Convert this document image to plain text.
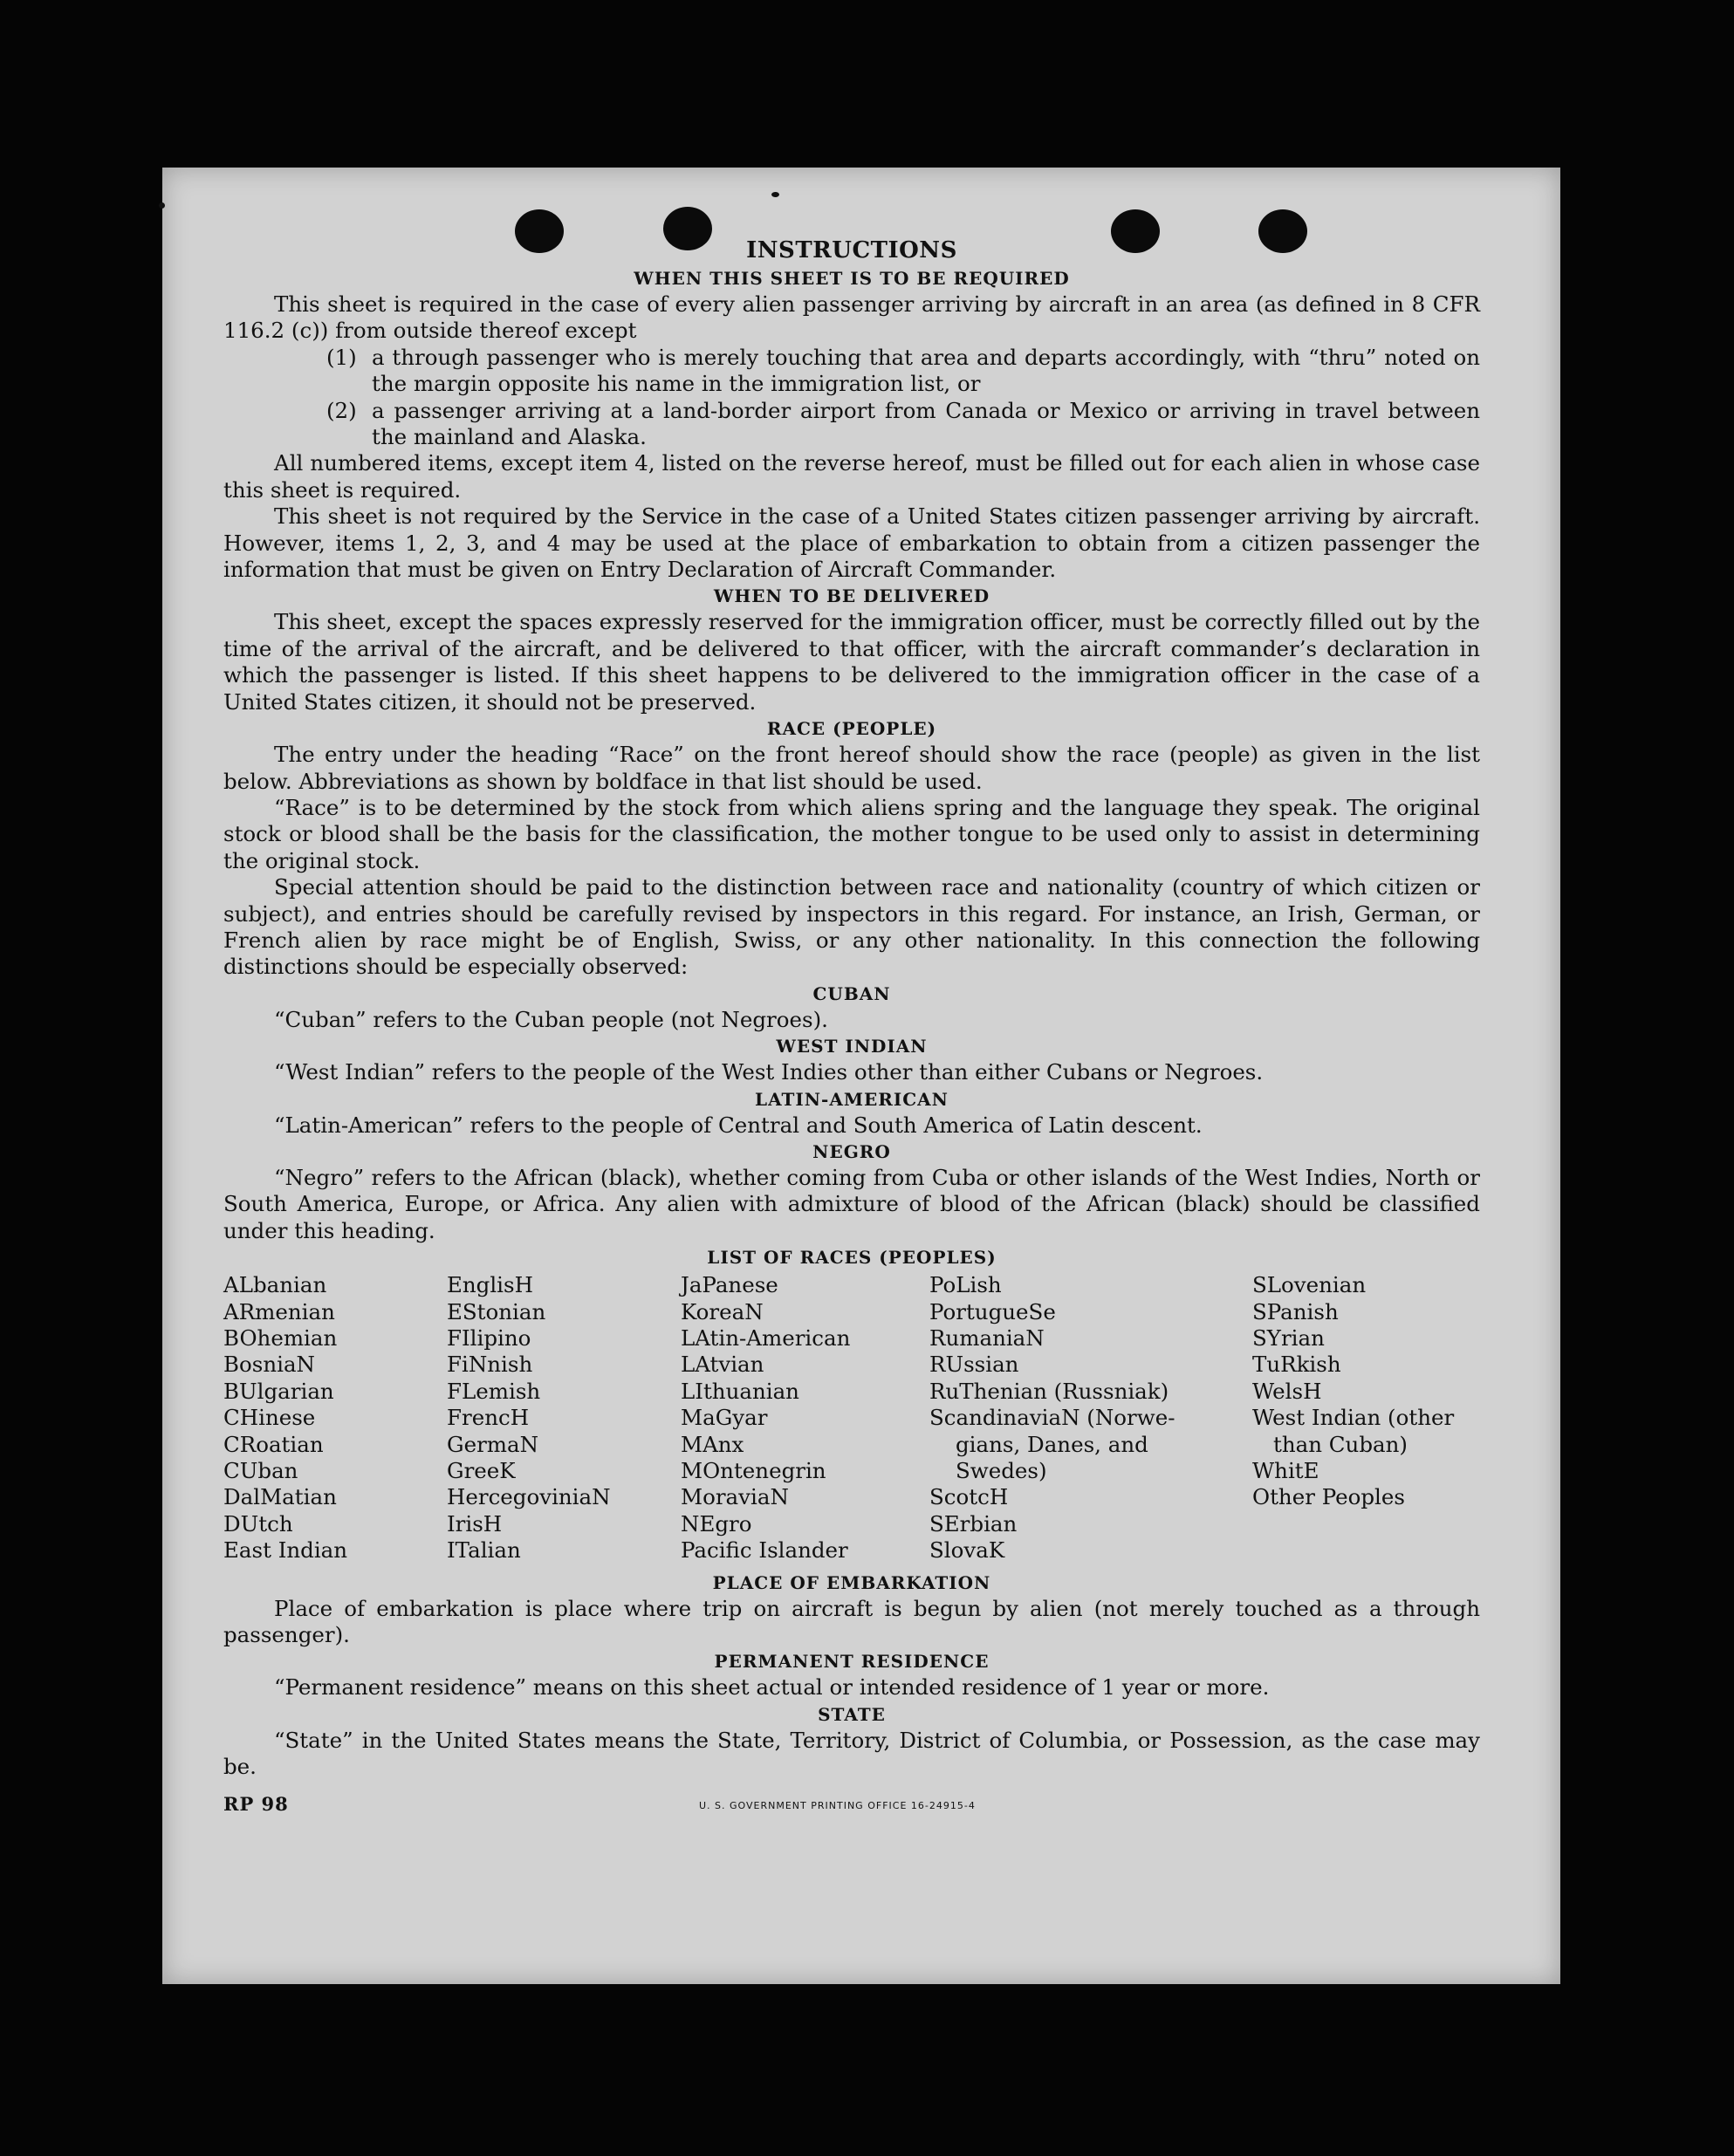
INSTRUCTIONS
WHEN THIS SHEET IS TO BE REQUIRED

This sheet is required in the case of every alien passenger arriving by aircraft in an area (as defined in 8 CFR 116.2 (c)) from outside thereof except

(1) a through passenger who is merely touching that area and departs accordingly, with “thru” noted on the margin opposite his name in the immigration list, or
(2) a passenger arriving at a land-border airport from Canada or Mexico or arriving in travel between the mainland and Alaska.

All numbered items, except item 4, listed on the reverse hereof, must be filled out for each alien in whose case this sheet is required.

This sheet is not required by the Service in the case of a United States citizen passenger arriving by aircraft. However, items 1, 2, 3, and 4 may be used at the place of embarkation to obtain from a citizen passenger the information that must be given on Entry Declaration of Aircraft Commander.

WHEN TO BE DELIVERED

This sheet, except the spaces expressly reserved for the immigration officer, must be correctly filled out by the time of the arrival of the aircraft, and be delivered to that officer, with the aircraft commander’s declaration in which the passenger is listed. If this sheet happens to be delivered to the immigration officer in the case of a United States citizen, it should not be preserved.

RACE (PEOPLE)

The entry under the heading “Race” on the front hereof should show the race (people) as given in the list below. Abbreviations as shown by boldface in that list should be used.

“Race” is to be determined by the stock from which aliens spring and the language they speak. The original stock or blood shall be the basis for the classification, the mother tongue to be used only to assist in determining the original stock.

Special attention should be paid to the distinction between race and nationality (country of which citizen or subject), and entries should be carefully revised by inspectors in this regard. For instance, an Irish, German, or French alien by race might be of English, Swiss, or any other nationality. In this connection the following distinctions should be especially observed:

CUBAN

“Cuban” refers to the Cuban people (not Negroes).

WEST INDIAN

“West Indian” refers to the people of the West Indies other than either Cubans or Negroes.

LATIN-AMERICAN

“Latin-American” refers to the people of Central and South America of Latin descent.

NEGRO

“Negro” refers to the African (black), whether coming from Cuba or other islands of the West Indies, North or South America, Europe, or Africa. Any alien with admixture of blood of the African (black) should be classified under this heading.

LIST OF RACES (PEOPLES)
ALbanian
ARmenian
BOhemian
BosniaN
BUlgarian
CHinese
CRoatian
CUban
DalMatian
DUtch
East Indian
EnglisH
EStonian
FIlipino
FiNnish
FLemish
FrencH
GermaN
GreeK
HercegoviniaN
IrisH
ITalian
JaPanese
KoreaN
LAtin-American
LAtvian
LIthuanian
MaGyar
MAnx
MOntenegrin
MoraviaN
NEgro
Pacific Islander
PoLish
PortugueSe
RumaniaN
RUssian
RuThenian (Russniak)
ScandinaviaN (Norwe-
gians, Danes, and
Swedes)
ScotcH
SErbian
SlovaK
SLovenian
SPanish
SYrian
TuRkish
WelsH
West Indian (other
than Cuban)
WhitE
Other Peoples
PLACE OF EMBARKATION

Place of embarkation is place where trip on aircraft is begun by alien (not merely touched as a through passenger).

PERMANENT RESIDENCE

“Permanent residence” means on this sheet actual or intended residence of 1 year or more.

STATE

“State” in the United States means the State, Territory, District of Columbia, or Possession, as the case may be.

RP 98	U. S. GOVERNMENT PRINTING OFFICE 16-24915-4
